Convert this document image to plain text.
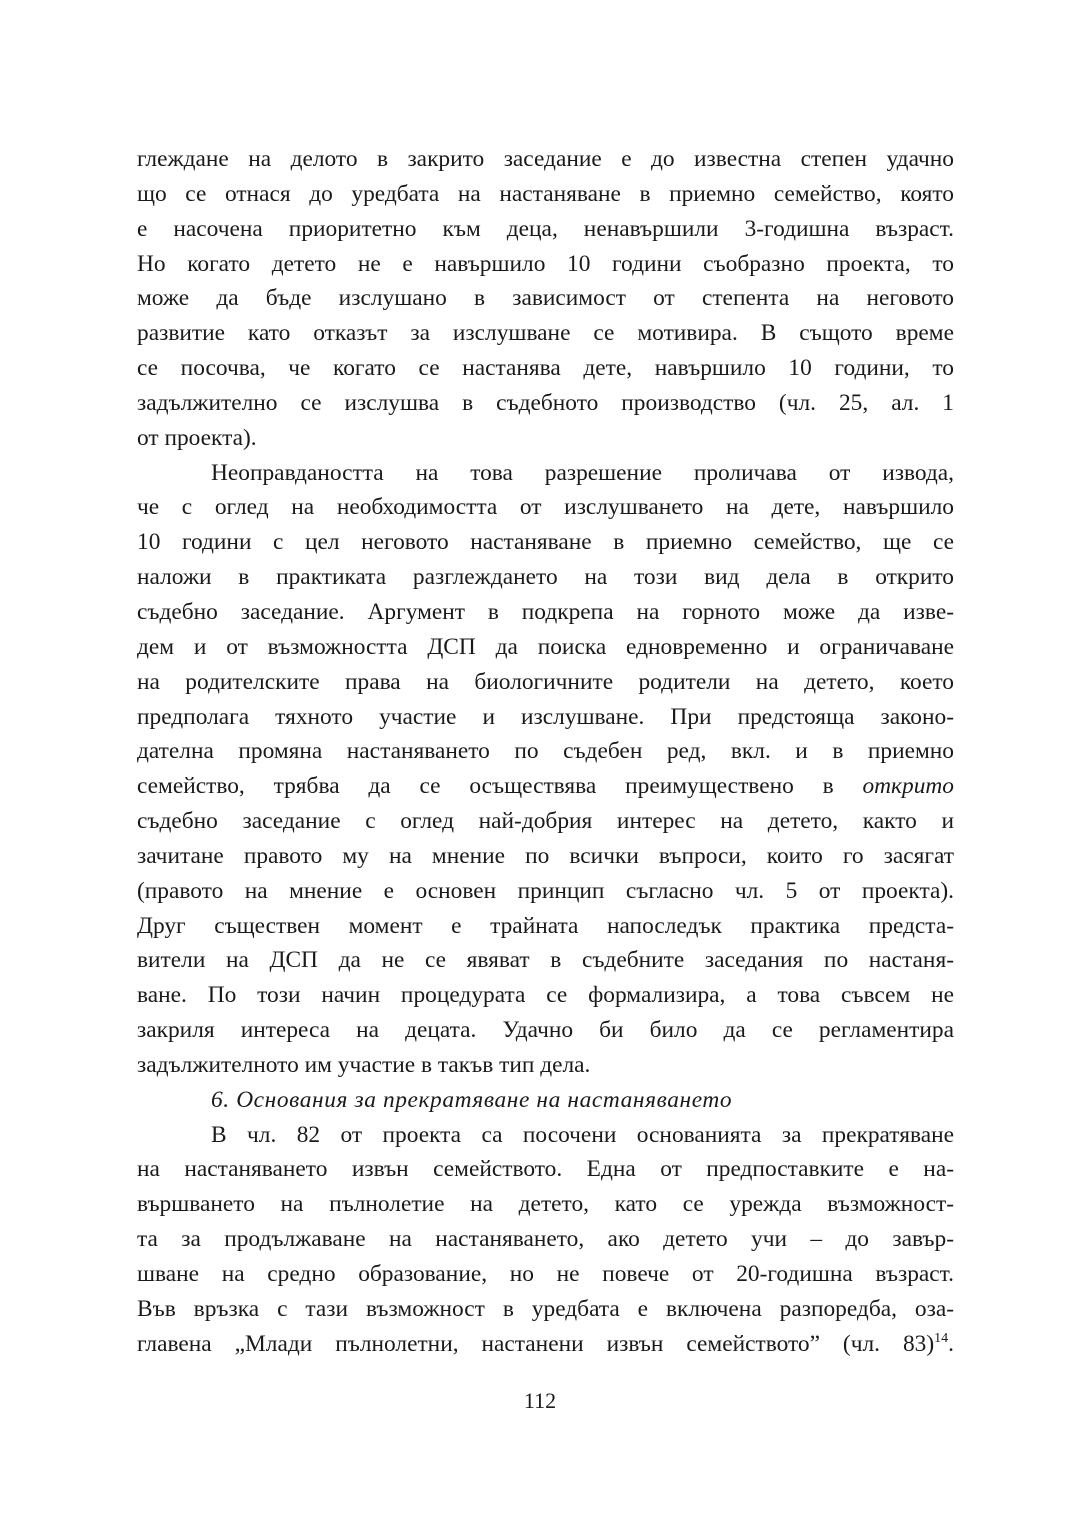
глеждане на делото в закрито заседание е до известна степен удачно
що се отнася до уредбата на настаняване в приемно семейство, която
е насочена приоритетно към деца, ненавършили 3-годишна възраст.
Но когато детето не е навършило 10 години съобразно проекта, то
може да бъде изслушано в зависимост от степента на неговото
развитие като отказът за изслушване се мотивира. В същото време
се посочва, че когато се настанява дете, навършило 10 години, то
задължително се изслушва в съдебното производство (чл. 25, ал. 1
от проекта).
Неоправдаността на това разрешение проличава от извода,
че с оглед на необходимостта от изслушването на дете, навършило
10 години с цел неговото настаняване в приемно семейство, ще се
наложи в практиката разглеждането на този вид дела в открито
съдебно заседание. Аргумент в подкрепа на горното може да изве-
дем и от възможността ДСП да поиска едновременно и ограничаване
на родителските права на биологичните родители на детето, което
предполага тяхното участие и изслушване. При предстояща законо-
дателна промяна настаняването по съдебен ред, вкл. и в приемно
семейство, трябва да се осъществява преимуществено в открито
съдебно заседание с оглед най-добрия интерес на детето, както и
зачитане правото му на мнение по всички въпроси, които го засягат
(правото на мнение е основен принцип съгласно чл. 5 от проекта).
Друг съществен момент е трайната напоследък практика предста-
вители на ДСП да не се явяват в съдебните заседания по настаня-
ване. По този начин процедурата се формализира, а това съвсем не
закриля интереса на децата. Удачно би било да се регламентира
задължителното им участие в такъв тип дела.
6. Основания за прекратяване на настаняването
В чл. 82 от проекта са посочени основанията за прекратяване
на настаняването извън семейството. Една от предпоставките е на-
вършването на пълнолетие на детето, като се урежда възможност-
та за продължаване на настаняването, ако детето учи – до завър-
шване на средно образование, но не повече от 20-годишна възраст.
Във връзка с тази възможност в уредбата е включена разпоредба, оза-
главена „Млади пълнолетни, настанени извън семейството” (чл. 83)$^{14}$.
112
